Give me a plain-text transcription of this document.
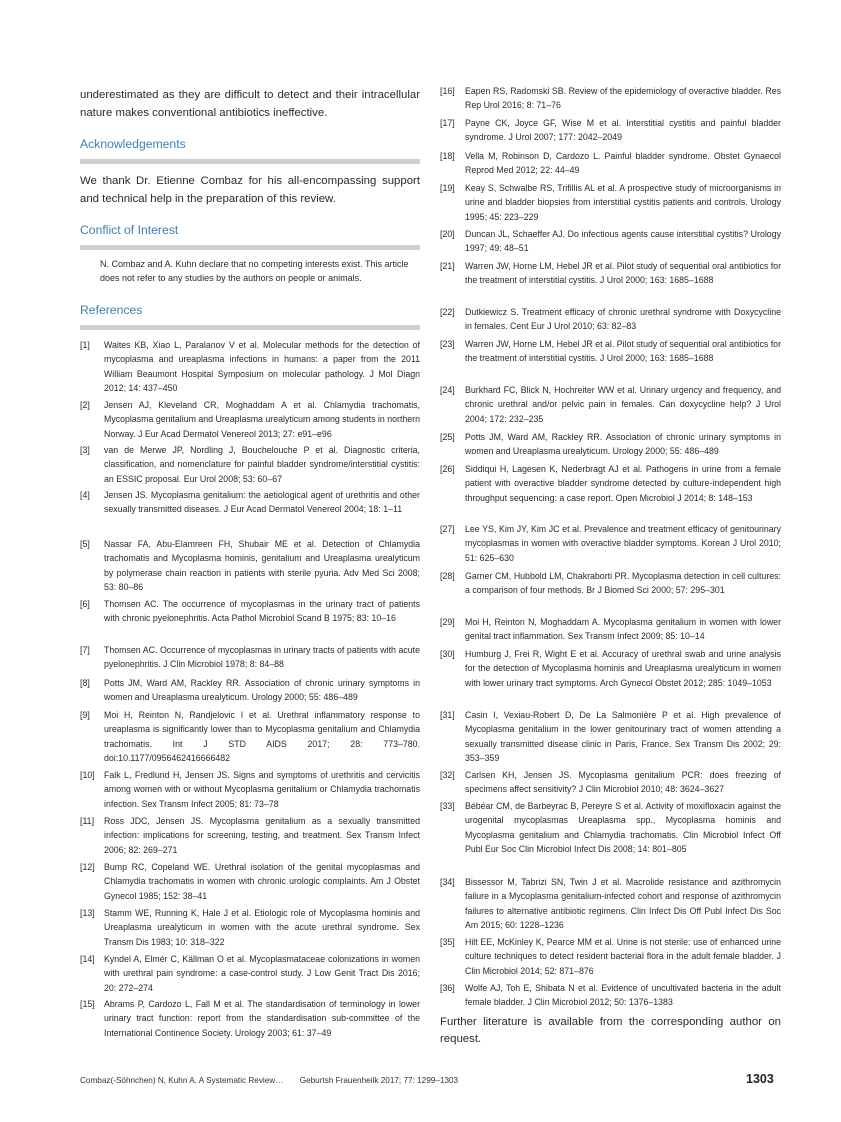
underestimated as they are difficult to detect and their intracellular nature makes conventional antibiotics ineffective.
Acknowledgements
We thank Dr. Etienne Combaz for his all-encompassing support and technical help in the preparation of this review.
Conflict of Interest
N. Combaz and A. Kuhn declare that no competing interests exist. This article does not refer to any studies by the authors on people or animals.
References
[1] Waites KB, Xiao L, Paralanov V et al. Molecular methods for the detection of mycoplasma and ureaplasma infections in humans: a paper from the 2011 William Beaumont Hospital Symposium on molecular pathology. J Mol Diagn 2012; 14: 437–450
[2] Jensen AJ, Kleveland CR, Moghaddam A et al. Chlamydia trachomatis, Mycoplasma genitalium and Ureaplasma urealyticum among students in northern Norway. J Eur Acad Dermatol Venereol 2013; 27: e91–e96
[3] van de Merwe JP, Nordling J, Bouchelouche P et al. Diagnostic criteria, classification, and nomenclature for painful bladder syndrome/interstitial cystitis: an ESSIC proposal. Eur Urol 2008; 53: 60–67
[4] Jensen JS. Mycoplasma genitalium: the aetiological agent of urethritis and other sexually transmitted diseases. J Eur Acad Dermatol Venereol 2004; 18: 1–11
[5] Nassar FA, Abu-Elamreen FH, Shubair ME et al. Detection of Chlamydia trachomatis and Mycoplasma hominis, genitalium and Ureaplasma urealyticum by polymerase chain reaction in patients with sterile pyuria. Adv Med Sci 2008; 53: 80–86
[6] Thomsen AC. The occurrence of mycoplasmas in the urinary tract of patients with chronic pyelonephritis. Acta Pathol Microbiol Scand B 1975; 83: 10–16
[7] Thomsen AC. Occurrence of mycoplasmas in urinary tracts of patients with acute pyelonephritis. J Clin Microbiol 1978; 8: 84–88
[8] Potts JM, Ward AM, Rackley RR. Association of chronic urinary symptoms in women and Ureaplasma urealyticum. Urology 2000; 55: 486–489
[9] Moi H, Reinton N, Randjelovic I et al. Urethral inflammatory response to ureaplasma is significantly lower than to Mycoplasma genitalium and Chlamydia trachomatis. Int J STD AIDS 2017; 28: 773–780. doi:10.1177/0956462416666482
[10] Falk L, Fredlund H, Jensen JS. Signs and symptoms of urethritis and cervicitis among women with or without Mycoplasma genitalium or Chlamydia trachomatis infection. Sex Transm Infect 2005; 81: 73–78
[11] Ross JDC, Jensen JS. Mycoplasma genitalium as a sexually transmitted infection: implications for screening, testing, and treatment. Sex Transm Infect 2006; 82: 269–271
[12] Bump RC, Copeland WE. Urethral isolation of the genital mycoplasmas and Chlamydia trachomatis in women with chronic urologic complaints. Am J Obstet Gynecol 1985; 152: 38–41
[13] Stamm WE, Running K, Hale J et al. Etiologic role of Mycoplasma hominis and Ureaplasma urealyticum in women with the acute urethral syndrome. Sex Transm Dis 1983; 10: 318–322
[14] Kyndel A, Elmér C, Källman O et al. Mycoplasmataceae colonizations in women with urethral pain syndrome: a case-control study. J Low Genit Tract Dis 2016; 20: 272–274
[15] Abrams P, Cardozo L, Fall M et al. The standardisation of terminology in lower urinary tract function: report from the standardisation sub-committee of the International Continence Society. Urology 2003; 61: 37–49
[16] Eapen RS, Radomski SB. Review of the epidemiology of overactive bladder. Res Rep Urol 2016; 8: 71–76
[17] Payne CK, Joyce GF, Wise M et al. Interstitial cystitis and painful bladder syndrome. J Urol 2007; 177: 2042–2049
[18] Vella M, Robinson D, Cardozo L. Painful bladder syndrome. Obstet Gynaecol Reprod Med 2012; 22: 44–49
[19] Keay S, Schwalbe RS, Trifillis AL et al. A prospective study of microorganisms in urine and bladder biopsies from interstitial cystitis patients and controls. Urology 1995; 45: 223–229
[20] Duncan JL, Schaeffer AJ. Do infectious agents cause interstitial cystitis? Urology 1997; 49: 48–51
[21] Warren JW, Horne LM, Hebel JR et al. Pilot study of sequential oral antibiotics for the treatment of interstitial cystitis. J Urol 2000; 163: 1685–1688
[22] Dutkiewicz S. Treatment efficacy of chronic urethral syndrome with Doxycycline in females. Cent Eur J Urol 2010; 63: 82–83
[23] Warren JW, Horne LM, Hebel JR et al. Pilot study of sequential oral antibiotics for the treatment of interstitial cystitis. J Urol 2000; 163: 1685–1688
[24] Burkhard FC, Blick N, Hochreiter WW et al. Urinary urgency and frequency, and chronic urethral and/or pelvic pain in females. Can doxycycline help? J Urol 2004; 172: 232–235
[25] Potts JM, Ward AM, Rackley RR. Association of chronic urinary symptoms in women and Ureaplasma urealyticum. Urology 2000; 55: 486–489
[26] Siddiqui H, Lagesen K, Nederbragt AJ et al. Pathogens in urine from a female patient with overactive bladder syndrome detected by culture-independent high throughput sequencing: a case report. Open Microbiol J 2014; 8: 148–153
[27] Lee YS, Kim JY, Kim JC et al. Prevalence and treatment efficacy of genitourinary mycoplasmas in women with overactive bladder symptoms. Korean J Urol 2010; 51: 625–630
[28] Garner CM, Hubbold LM, Chakraborti PR. Mycoplasma detection in cell cultures: a comparison of four methods. Br J Biomed Sci 2000; 57: 295–301
[29] Moi H, Reinton N, Moghaddam A. Mycoplasma genitalium in women with lower genital tract inflammation. Sex Transm Infect 2009; 85: 10–14
[30] Humburg J, Frei R, Wight E et al. Accuracy of urethral swab and urine analysis for the detection of Mycoplasma hominis and Ureaplasma urealyticum in women with lower urinary tract symptoms. Arch Gynecol Obstet 2012; 285: 1049–1053
[31] Casin I, Vexiau-Robert D, De La Salmonière P et al. High prevalence of Mycoplasma genitalium in the lower genitourinary tract of women attending a sexually transmitted disease clinic in Paris, France. Sex Transm Dis 2002; 29: 353–359
[32] Carlsen KH, Jensen JS. Mycoplasma genitalium PCR: does freezing of specimens affect sensitivity? J Clin Microbiol 2010; 48: 3624–3627
[33] Bébéar CM, de Barbeyrac B, Pereyre S et al. Activity of moxifloxacin against the urogenital mycoplasmas Ureaplasma spp., Mycoplasma hominis and Mycoplasma genitalium and Chlamydia trachomatis. Clin Microbiol Infect Off Publ Eur Soc Clin Microbiol Infect Dis 2008; 14: 801–805
[34] Bissessor M, Tabrizi SN, Twin J et al. Macrolide resistance and azithromycin failure in a Mycoplasma genitalium-infected cohort and response of azithromycin failures to alternative antibiotic regimens. Clin Infect Dis Off Publ Infect Dis Soc Am 2015; 60: 1228–1236
[35] Hilt EE, McKinley K, Pearce MM et al. Urine is not sterile: use of enhanced urine culture techniques to detect resident bacterial flora in the adult female bladder. J Clin Microbiol 2014; 52: 871–876
[36] Wolfe AJ, Toh E, Shibata N et al. Evidence of uncultivated bacteria in the adult female bladder. J Clin Microbiol 2012; 50: 1376–1383
Further literature is available from the corresponding author on request.
Combaz(-Söhnchen) N, Kuhn A. A Systematic Review… Geburtsh Frauenheilk 2017; 77: 1299–1303	1303
